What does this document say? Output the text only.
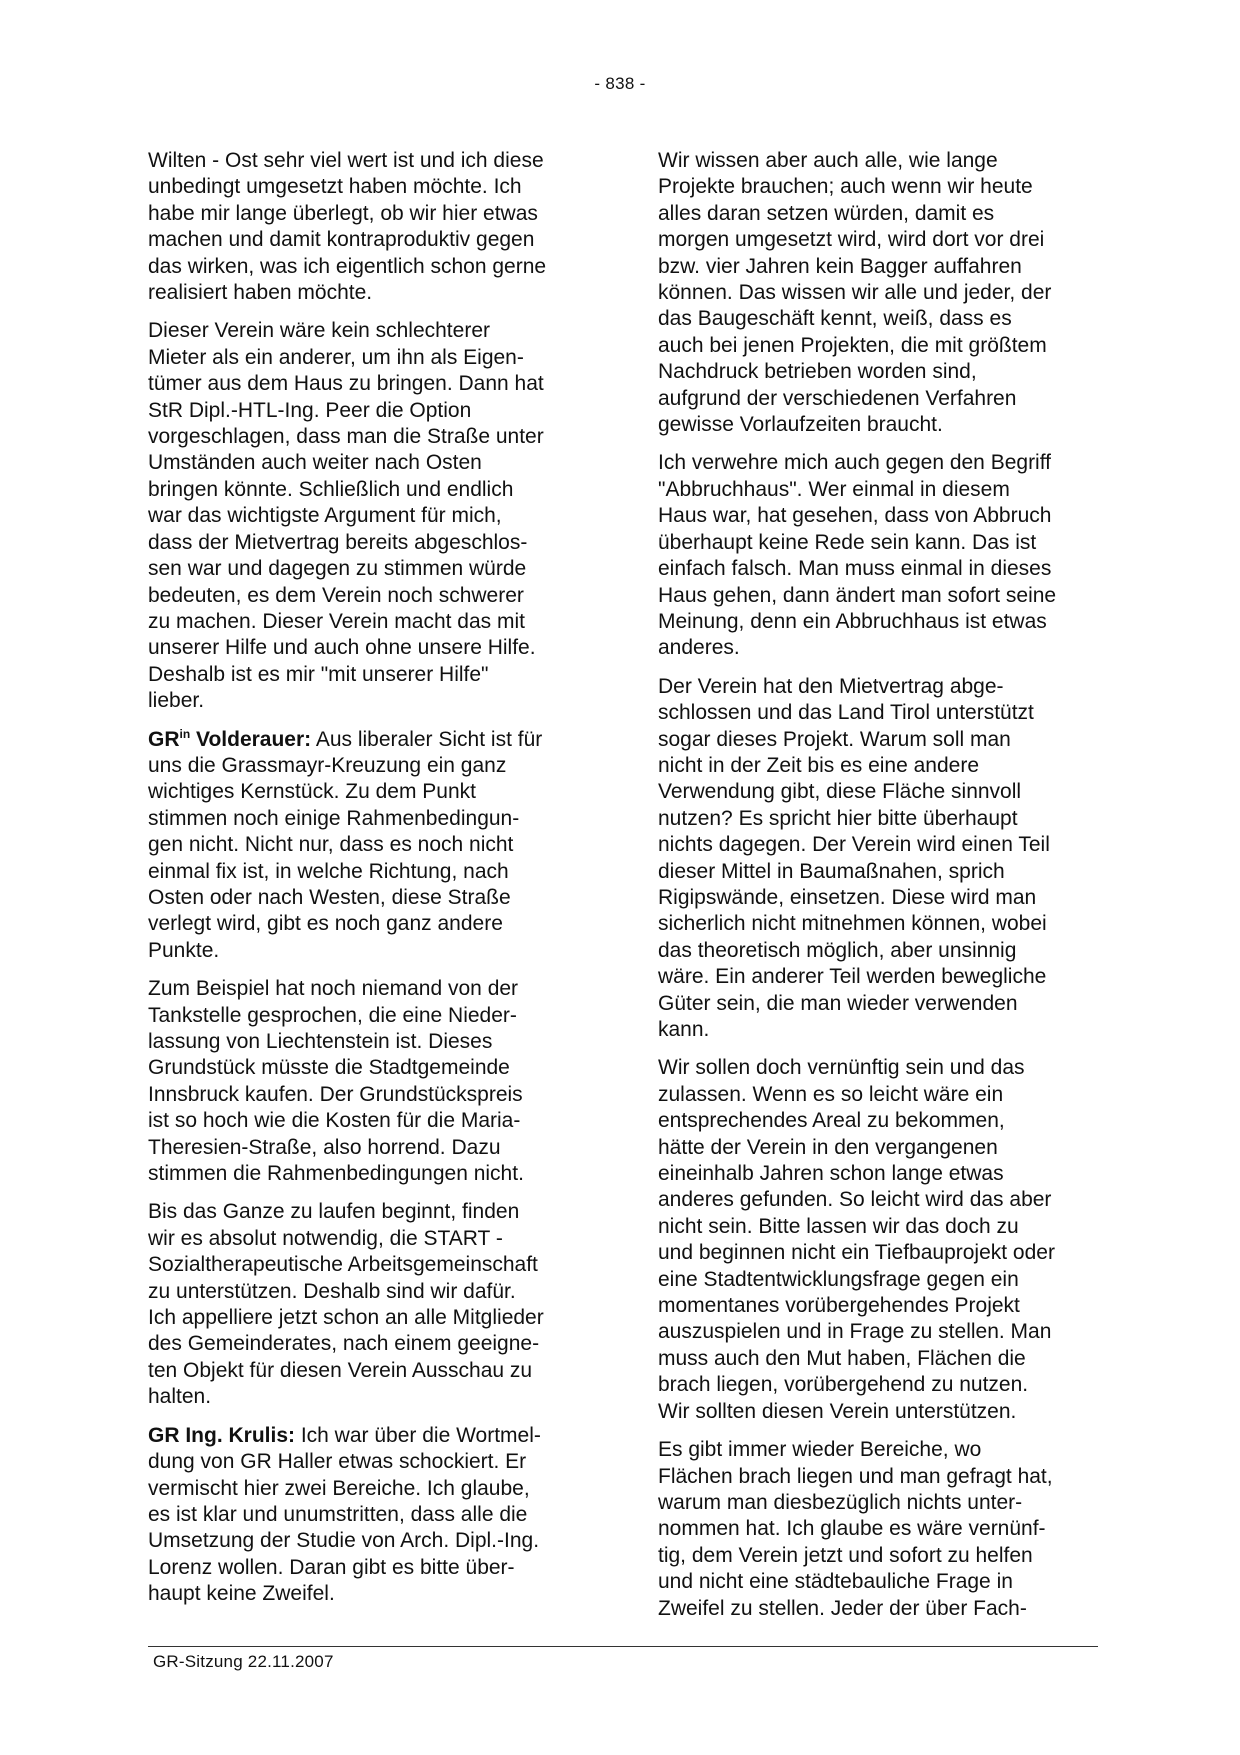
- 838 -

Wilten - Ost sehr viel wert ist und ich diese
unbedingt umgesetzt haben möchte. Ich
habe mir lange überlegt, ob wir hier etwas
machen und damit kontraproduktiv gegen
das wirken, was ich eigentlich schon gerne
realisiert haben möchte.

Dieser Verein wäre kein schlechterer
Mieter als ein anderer, um ihn als Eigen-
tümer aus dem Haus zu bringen. Dann hat
StR Dipl.-HTL-Ing. Peer die Option
vorgeschlagen, dass man die Straße unter
Umständen auch weiter nach Osten
bringen könnte. Schließlich und endlich
war das wichtigste Argument für mich,
dass der Mietvertrag bereits abgeschlos-
sen war und dagegen zu stimmen würde
bedeuten, es dem Verein noch schwerer
zu machen. Dieser Verein macht das mit
unserer Hilfe und auch ohne unsere Hilfe.
Deshalb ist es mir "mit unserer Hilfe"
lieber.

$GR^{in}$ Volderauer: Aus liberaler Sicht ist für
uns die Grassmayr-Kreuzung ein ganz
wichtiges Kernstück. Zu dem Punkt
stimmen noch einige Rahmenbedingun-
gen nicht. Nicht nur, dass es noch nicht
einmal fix ist, in welche Richtung, nach
Osten oder nach Westen, diese Straße
verlegt wird, gibt es noch ganz andere
Punkte.

Zum Beispiel hat noch niemand von der
Tankstelle gesprochen, die eine Nieder-
lassung von Liechtenstein ist. Dieses
Grundstück müsste die Stadtgemeinde
Innsbruck kaufen. Der Grundstückspreis
ist so hoch wie die Kosten für die Maria-
Theresien-Straße, also horrend. Dazu
stimmen die Rahmenbedingungen nicht.

Bis das Ganze zu laufen beginnt, finden
wir es absolut notwendig, die START -
Sozialtherapeutische Arbeitsgemeinschaft
zu unterstützen. Deshalb sind wir dafür.
Ich appelliere jetzt schon an alle Mitglieder
des Gemeinderates, nach einem geeigne-
ten Objekt für diesen Verein Ausschau zu
halten.

GR Ing. Krulis: Ich war über die Wortmel-
dung von GR Haller etwas schockiert. Er
vermischt hier zwei Bereiche. Ich glaube,
es ist klar und unumstritten, dass alle die
Umsetzung der Studie von Arch. Dipl.-Ing.
Lorenz wollen. Daran gibt es bitte über-
haupt keine Zweifel.

Wir wissen aber auch alle, wie lange
Projekte brauchen; auch wenn wir heute
alles daran setzen würden, damit es
morgen umgesetzt wird, wird dort vor drei
bzw. vier Jahren kein Bagger auffahren
können. Das wissen wir alle und jeder, der
das Baugeschäft kennt, weiß, dass es
auch bei jenen Projekten, die mit größtem
Nachdruck betrieben worden sind,
aufgrund der verschiedenen Verfahren
gewisse Vorlaufzeiten braucht.

Ich verwehre mich auch gegen den Begriff
"Abbruchhaus". Wer einmal in diesem
Haus war, hat gesehen, dass von Abbruch
überhaupt keine Rede sein kann. Das ist
einfach falsch. Man muss einmal in dieses
Haus gehen, dann ändert man sofort seine
Meinung, denn ein Abbruchhaus ist etwas
anderes.

Der Verein hat den Mietvertrag abge-
schlossen und das Land Tirol unterstützt
sogar dieses Projekt. Warum soll man
nicht in der Zeit bis es eine andere
Verwendung gibt, diese Fläche sinnvoll
nutzen? Es spricht hier bitte überhaupt
nichts dagegen. Der Verein wird einen Teil
dieser Mittel in Baumaßnahen, sprich
Rigipswände, einsetzen. Diese wird man
sicherlich nicht mitnehmen können, wobei
das theoretisch möglich, aber unsinnig
wäre. Ein anderer Teil werden bewegliche
Güter sein, die man wieder verwenden
kann.

Wir sollen doch vernünftig sein und das
zulassen. Wenn es so leicht wäre ein
entsprechendes Areal zu bekommen,
hätte der Verein in den vergangenen
eineinhalb Jahren schon lange etwas
anderes gefunden. So leicht wird das aber
nicht sein. Bitte lassen wir das doch zu
und beginnen nicht ein Tiefbauprojekt oder
eine Stadtentwicklungsfrage gegen ein
momentanes vorübergehendes Projekt
auszuspielen und in Frage zu stellen. Man
muss auch den Mut haben, Flächen die
brach liegen, vorübergehend zu nutzen.
Wir sollten diesen Verein unterstützen.

Es gibt immer wieder Bereiche, wo
Flächen brach liegen und man gefragt hat,
warum man diesbezüglich nichts unter-
nommen hat. Ich glaube es wäre vernünf-
tig, dem Verein jetzt und sofort zu helfen
und nicht eine städtebauliche Frage in
Zweifel zu stellen. Jeder der über Fach-

GR-Sitzung 22.11.2007
